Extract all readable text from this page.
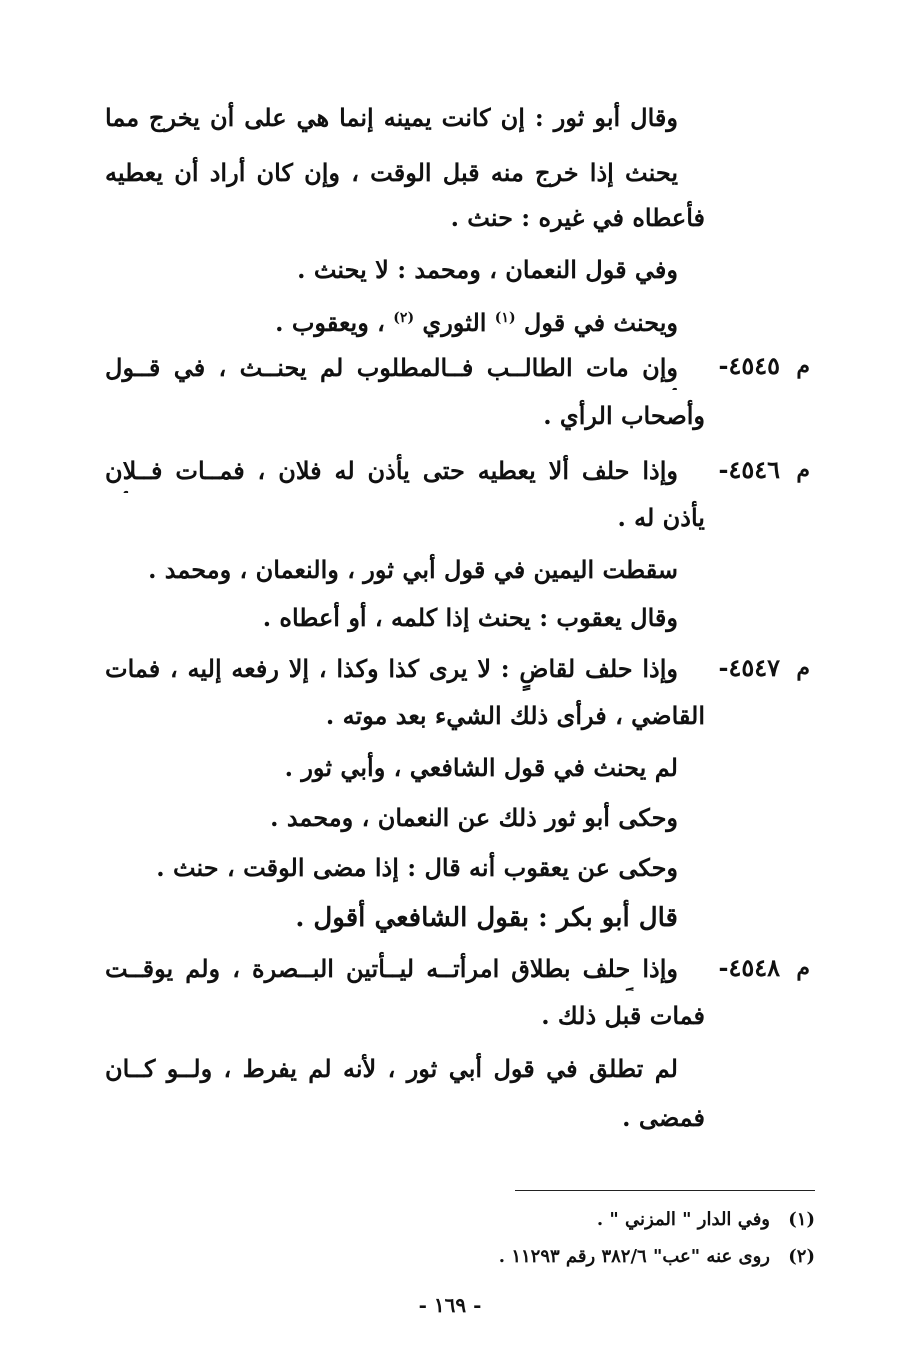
وقال أبو ثور : إن كانت يمينه إنما هي على أن يخرج مما
يحنث إذا خرج منه قبل الوقت ، وإن كان أراد أن يعطيه
فأعطاه في غيره : حنث .
وفي قول النعمان ، ومحمد : لا يحنث .
ويحنث في قول $^{(١)}$ الثوري $^{(٢)}$ ، ويعقوب .
م
٤٥٤٥-
وإن مات الطالــب فــالمطلوب لم يحنــث ، في قــول
وأصحاب الرأي .
م
٤٥٤٦-
وإذا حلف ألا يعطيه حتى يأذن له فلان ، فمــات فــلان
يأذن له .
سقطت اليمين في قول أبي ثور ، والنعمان ، ومحمد .
وقال يعقوب : يحنث إذا كلمه ، أو أعطاه .
م
٤٥٤٧-
وإذا حلف لقاضٍ : لا يرى كذا وكذا ، إلا رفعه إليه ، فمات
القاضي ، فرأى ذلك الشيء بعد موته .
لم يحنث في قول الشافعي ، وأبي ثور .
وحكى أبو ثور ذلك عن النعمان ، ومحمد .
وحكى عن يعقوب أنه قال : إذا مضى الوقت ، حنث .
قال أبو بكر : بقول الشافعي أقول .
م
٤٥٤٨-
وإذا حلف بطلاق امرأتــه ليــأتين البــصرة ، ولم يوقــت
فمات قبل ذلك .
لم تطلق في قول أبي ثور ، لأنه لم يفرط ، ولــو كــان
فمضى .
(١)
وفي الدار " المزني " .
(٢)
روى عنه "عب" ٣٨٢/٦ رقم ١١٢٩٣ .
- ١٦٩ -
